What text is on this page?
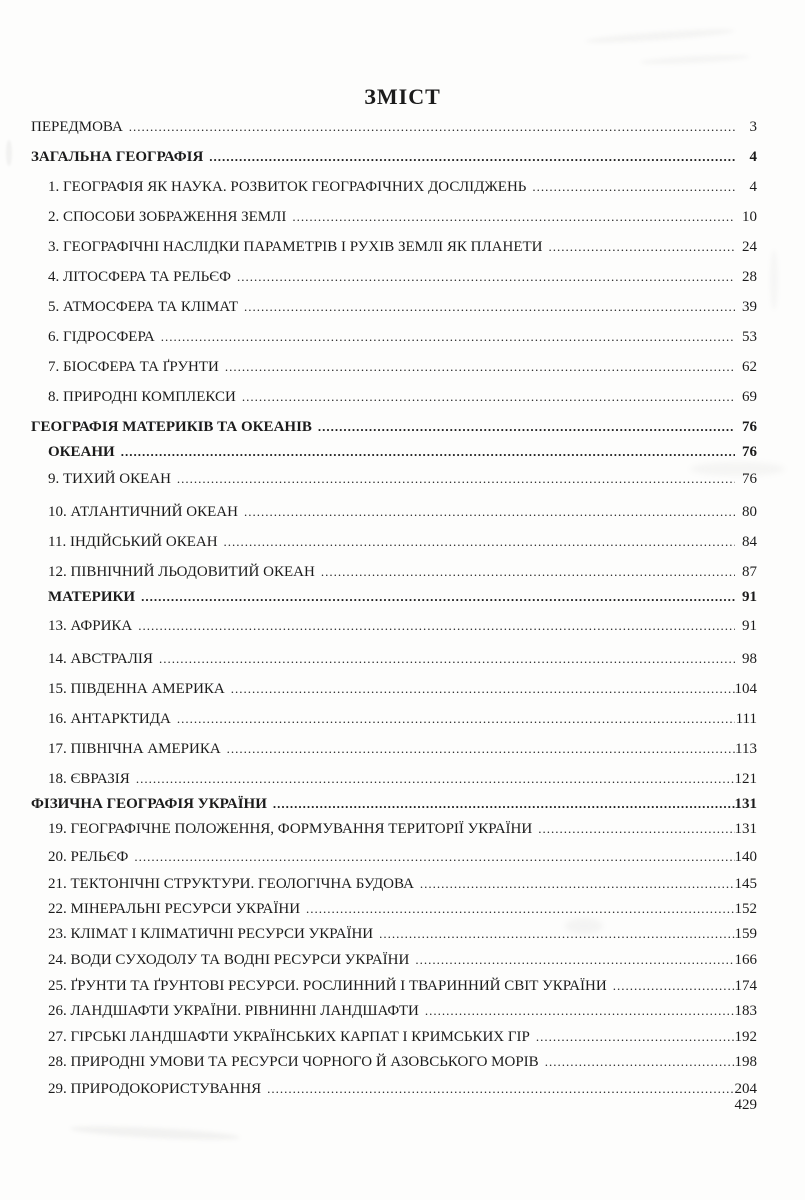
ЗМІСТ
ПЕРЕДМОВА .....	3
ЗАГАЛЬНА ГЕОГРАФІЯ .....	4
1. ГЕОГРАФІЯ ЯК НАУКА. РОЗВИТОК ГЕОГРАФІЧНИХ ДОСЛІДЖЕНЬ .....	4
2. СПОСОБИ ЗОБРАЖЕННЯ ЗЕМЛІ .....	10
3. ГЕОГРАФІЧНІ НАСЛІДКИ ПАРАМЕТРІВ І РУХІВ ЗЕМЛІ ЯК ПЛАНЕТИ .....	24
4. ЛІТОСФЕРА ТА РЕЛЬЄФ .....	28
5. АТМОСФЕРА ТА КЛІМАТ .....	39
6. ГІДРОСФЕРА .....	53
7. БІОСФЕРА ТА ҐРУНТИ .....	62
8. ПРИРОДНІ КОМПЛЕКСИ .....	69
ГЕОГРАФІЯ МАТЕРИКІВ ТА ОКЕАНІВ .....	76
ОКЕАНИ .....	76
9. ТИХИЙ ОКЕАН .....	76
10. АТЛАНТИЧНИЙ ОКЕАН .....	80
11. ІНДІЙСЬКИЙ ОКЕАН .....	84
12. ПІВНІЧНИЙ ЛЬОДОВИТИЙ ОКЕАН .....	87
МАТЕРИКИ .....	91
13. АФРИКА .....	91
14. АВСТРАЛІЯ .....	98
15. ПІВДЕННА АМЕРИКА .....	104
16. АНТАРКТИДА .....	111
17. ПІВНІЧНА АМЕРИКА .....	113
18. ЄВРАЗІЯ .....	121
ФІЗИЧНА ГЕОГРАФІЯ УКРАЇНИ .....	131
19. ГЕОГРАФІЧНЕ ПОЛОЖЕННЯ, ФОРМУВАННЯ ТЕРИТОРІЇ УКРАЇНИ .....	131
20. РЕЛЬЄФ .....	140
21. ТЕКТОНІЧНІ СТРУКТУРИ. ГЕОЛОГІЧНА БУДОВА .....	145
22. МІНЕРАЛЬНІ РЕСУРСИ УКРАЇНИ .....	152
23. КЛІМАТ І КЛІМАТИЧНІ РЕСУРСИ УКРАЇНИ .....	159
24. ВОДИ СУХОДОЛУ ТА ВОДНІ РЕСУРСИ УКРАЇНИ .....	166
25. ҐРУНТИ ТА ҐРУНТОВІ РЕСУРСИ. РОСЛИННИЙ І ТВАРИННИЙ СВІТ УКРАЇНИ .....	174
26. ЛАНДШАФТИ УКРАЇНИ. РІВНИННІ ЛАНДШАФТИ .....	183
27. ГІРСЬКІ ЛАНДШАФТИ УКРАЇНСЬКИХ КАРПАТ І КРИМСЬКИХ ГІР .....	192
28. ПРИРОДНІ УМОВИ ТА РЕСУРСИ ЧОРНОГО Й АЗОВСЬКОГО МОРІВ .....	198
29. ПРИРОДОКОРИСТУВАННЯ .....	204
429
